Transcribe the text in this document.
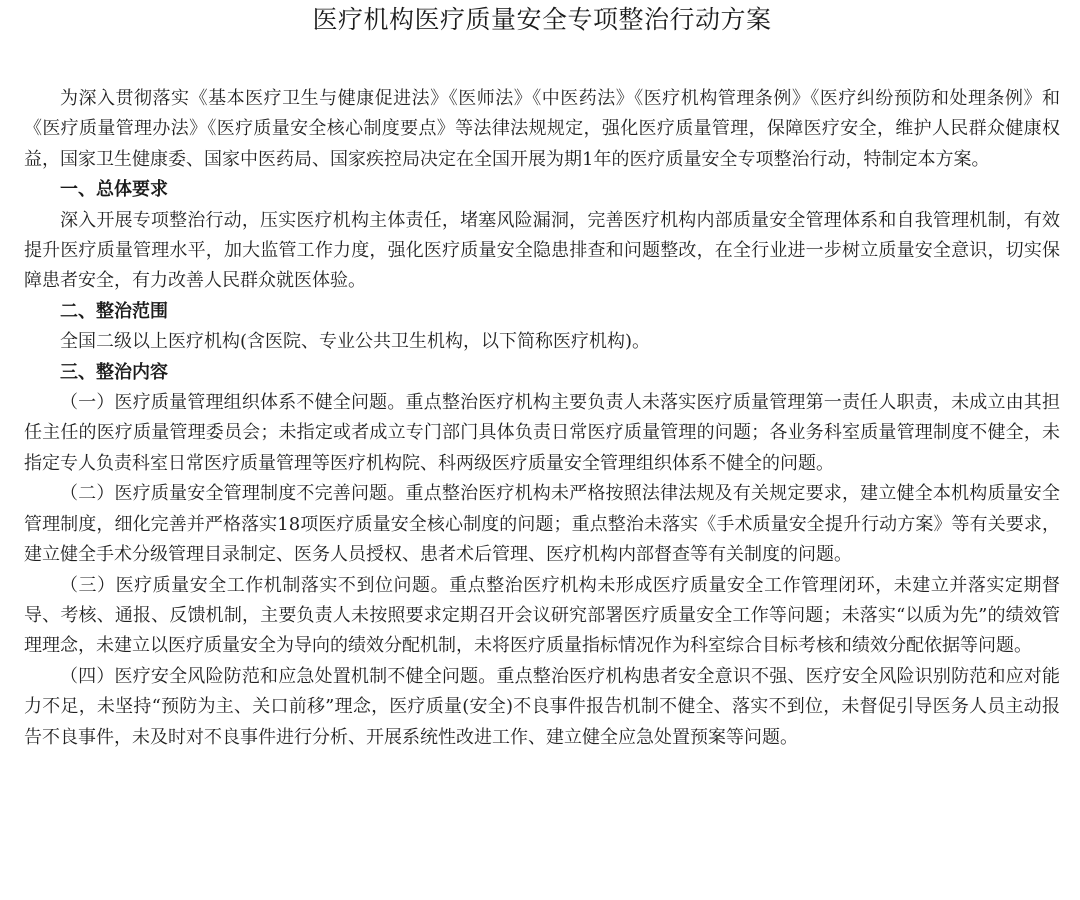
医疗机构医疗质量安全专项整治行动方案

为深入贯彻落实《基本医疗卫生与健康促进法》《医师法》《中医药法》《医疗机构管理条例》《医疗纠纷预防和处理条例》和《医疗质量管理办法》《医疗质量安全核心制度要点》等法律法规规定，强化医疗质量管理，保障医疗安全，维护人民群众健康权益，国家卫生健康委、国家中医药局、国家疾控局决定在全国开展为期1年的医疗质量安全专项整治行动，特制定本方案。

一、总体要求

深入开展专项整治行动，压实医疗机构主体责任，堵塞风险漏洞，完善医疗机构内部质量安全管理体系和自我管理机制，有效提升医疗质量管理水平，加大监管工作力度，强化医疗质量安全隐患排查和问题整改，在全行业进一步树立质量安全意识，切实保障患者安全，有力改善人民群众就医体验。

二、整治范围

全国二级以上医疗机构(含医院、专业公共卫生机构，以下简称医疗机构)。

三、整治内容

（一）医疗质量管理组织体系不健全问题。重点整治医疗机构主要负责人未落实医疗质量管理第一责任人职责，未成立由其担任主任的医疗质量管理委员会；未指定或者成立专门部门具体负责日常医疗质量管理的问题；各业务科室质量管理制度不健全，未指定专人负责科室日常医疗质量管理等医疗机构院、科两级医疗质量安全管理组织体系不健全的问题。

（二）医疗质量安全管理制度不完善问题。重点整治医疗机构未严格按照法律法规及有关规定要求，建立健全本机构质量安全管理制度，细化完善并严格落实18项医疗质量安全核心制度的问题；重点整治未落实《手术质量安全提升行动方案》等有关要求，建立健全手术分级管理目录制定、医务人员授权、患者术后管理、医疗机构内部督查等有关制度的问题。

（三）医疗质量安全工作机制落实不到位问题。重点整治医疗机构未形成医疗质量安全工作管理闭环，未建立并落实定期督导、考核、通报、反馈机制，主要负责人未按照要求定期召开会议研究部署医疗质量安全工作等问题；未落实“以质为先”的绩效管理理念，未建立以医疗质量安全为导向的绩效分配机制，未将医疗质量指标情况作为科室综合目标考核和绩效分配依据等问题。

（四）医疗安全风险防范和应急处置机制不健全问题。重点整治医疗机构患者安全意识不强、医疗安全风险识别防范和应对能力不足，未坚持“预防为主、关口前移”理念，医疗质量(安全)不良事件报告机制不健全、落实不到位，未督促引导医务人员主动报告不良事件，未及时对不良事件进行分析、开展系统性改进工作、建立健全应急处置预案等问题。
